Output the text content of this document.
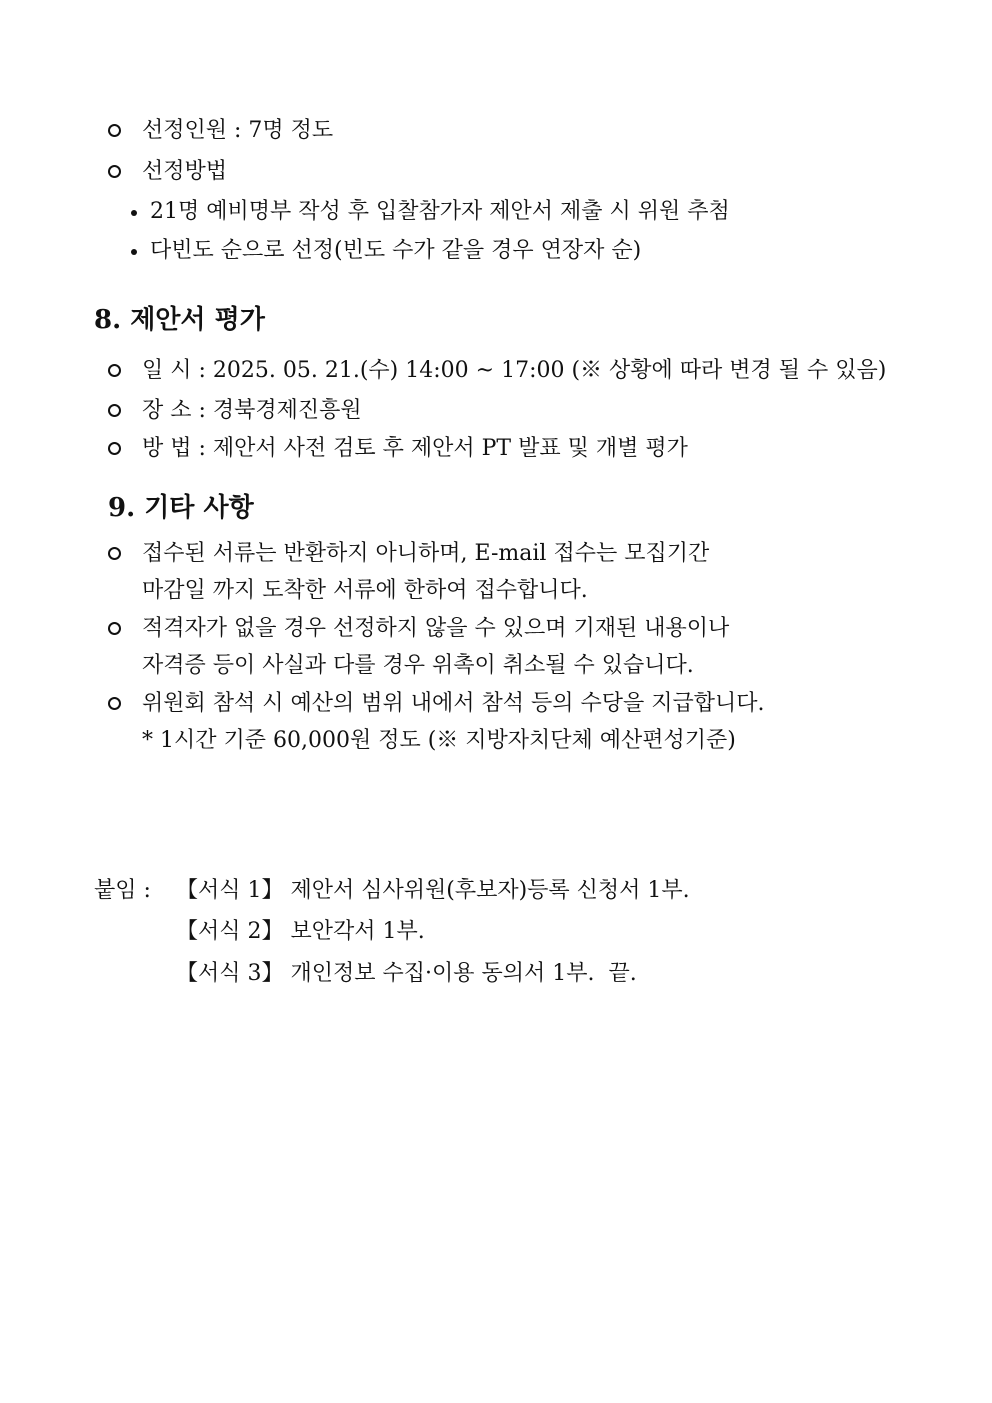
선정인원 : 7명 정도
선정방법
21명 예비명부 작성 후 입찰참가자 제안서 제출 시 위원 추첨
다빈도 순으로 선정(빈도 수가 같을 경우 연장자 순)
8. 제안서 평가
일 시 : 2025. 05. 21.(수) 14:00 ~ 17:00 (※ 상황에 따라 변경 될 수 있음)
장 소 : 경북경제진흥원
방 법 : 제안서 사전 검토 후 제안서 PT 발표 및 개별 평가
9. 기타 사항
접수된 서류는 반환하지 아니하며, E-mail 접수는 모집기간
마감일 까지 도착한 서류에 한하여 접수합니다.
적격자가 없을 경우 선정하지 않을 수 있으며 기재된 내용이나
자격증 등이 사실과 다를 경우 위촉이 취소될 수 있습니다.
위원회 참석 시 예산의 범위 내에서 참석 등의 수당을 지급합니다.
* 1시간 기준 60,000원 정도 (※ 지방자치단체 예산편성기준)
붙임 : 【서식 1】 제안서 심사위원(후보자)등록 신청서 1부.
【서식 2】 보안각서 1부.
【서식 3】 개인정보 수집·이용 동의서 1부.  끝.
